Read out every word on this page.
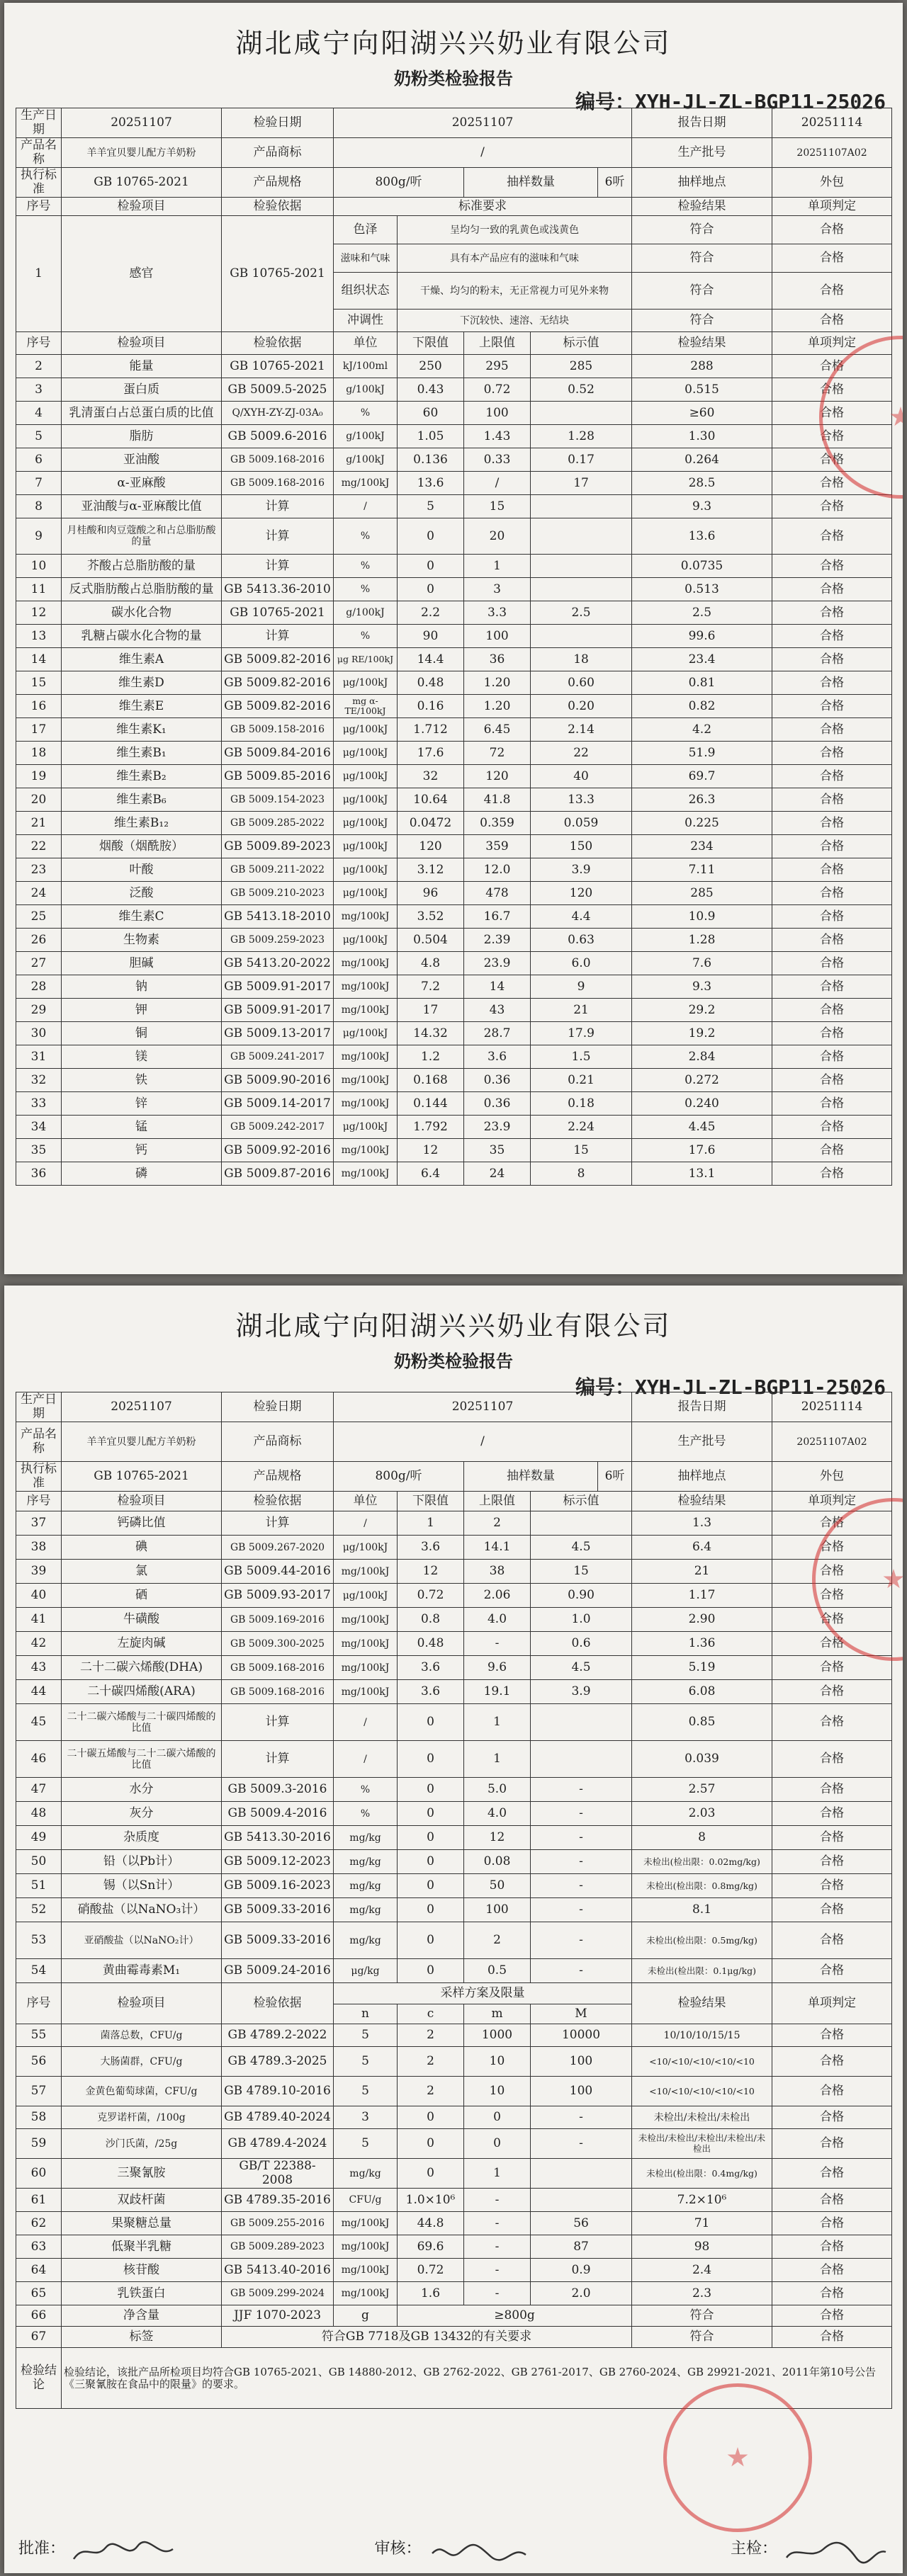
湖北咸宁向阳湖兴兴奶业有限公司
奶粉类检验报告
编号：XYH-JL-ZL-BGP11-25026
生产日期	20251107	检验日期	20251107					报告日期	20251114
产品名称	羊羊宜贝婴儿配方羊奶粉	产品商标	/					生产批号	20251107A02
执行标准	GB 10765-2021	产品规格	800g/听		抽样数量		6听	抽样地点	外包
序号	检验项目	检验依据	标准要求					检验结果	单项判定
1	感官	GB 10765-2021	色泽	呈均匀一致的乳黄色或浅黄色				符合	合格
			滋味和气味	具有本产品应有的滋味和气味				符合	合格
			组织状态	干燥、均匀的粉末，无正常视力可见外来物				符合	合格
			冲调性	下沉较快、速溶、无结块				符合	合格
序号	检验项目	检验依据	单位	下限值	上限值	标示值		检验结果	单项判定
2	能量	GB 10765-2021	kJ/100ml	250	295	285		288	合格
3	蛋白质	GB 5009.5-2025	g/100kJ	0.43	0.72	0.52		0.515	合格
4	乳清蛋白占总蛋白质的比值	Q/XYH-ZY-ZJ-03A₀	%	60	100			≥60	合格
5	脂肪	GB 5009.6-2016	g/100kJ	1.05	1.43	1.28		1.30	合格
6	亚油酸	GB 5009.168-2016	g/100kJ	0.136	0.33	0.17		0.264	合格
7	α-亚麻酸	GB 5009.168-2016	mg/100kJ	13.6	/	17		28.5	合格
8	亚油酸与α-亚麻酸比值	计算	/	5	15			9.3	合格
9	月桂酸和肉豆蔻酸之和占总脂肪酸的量	计算	%	0	20			13.6	合格
10	芥酸占总脂肪酸的量	计算	%	0	1			0.0735	合格
11	反式脂肪酸占总脂肪酸的量	GB 5413.36-2010	%	0	3			0.513	合格
12	碳水化合物	GB 10765-2021	g/100kJ	2.2	3.3	2.5		2.5	合格
13	乳糖占碳水化合物的量	计算	%	90	100			99.6	合格
14	维生素A	GB 5009.82-2016	μg RE/100kJ	14.4	36	18		23.4	合格
15	维生素D	GB 5009.82-2016	μg/100kJ	0.48	1.20	0.60		0.81	合格
16	维生素E	GB 5009.82-2016	mg α-TE/100kJ	0.16	1.20	0.20		0.82	合格
17	维生素K₁	GB 5009.158-2016	μg/100kJ	1.712	6.45	2.14		4.2	合格
18	维生素B₁	GB 5009.84-2016	μg/100kJ	17.6	72	22		51.9	合格
19	维生素B₂	GB 5009.85-2016	μg/100kJ	32	120	40		69.7	合格
20	维生素B₆	GB 5009.154-2023	μg/100kJ	10.64	41.8	13.3		26.3	合格
21	维生素B₁₂	GB 5009.285-2022	μg/100kJ	0.0472	0.359	0.059		0.225	合格
22	烟酸（烟酰胺）	GB 5009.89-2023	μg/100kJ	120	359	150		234	合格
23	叶酸	GB 5009.211-2022	μg/100kJ	3.12	12.0	3.9		7.11	合格
24	泛酸	GB 5009.210-2023	μg/100kJ	96	478	120		285	合格
25	维生素C	GB 5413.18-2010	mg/100kJ	3.52	16.7	4.4		10.9	合格
26	生物素	GB 5009.259-2023	μg/100kJ	0.504	2.39	0.63		1.28	合格
27	胆碱	GB 5413.20-2022	mg/100kJ	4.8	23.9	6.0		7.6	合格
28	钠	GB 5009.91-2017	mg/100kJ	7.2	14	9		9.3	合格
29	钾	GB 5009.91-2017	mg/100kJ	17	43	21		29.2	合格
30	铜	GB 5009.13-2017	μg/100kJ	14.32	28.7	17.9		19.2	合格
31	镁	GB 5009.241-2017	mg/100kJ	1.2	3.6	1.5		2.84	合格
32	铁	GB 5009.90-2016	mg/100kJ	0.168	0.36	0.21		0.272	合格
33	锌	GB 5009.14-2017	mg/100kJ	0.144	0.36	0.18		0.240	合格
34	锰	GB 5009.242-2017	μg/100kJ	1.792	23.9	2.24		4.45	合格
35	钙	GB 5009.92-2016	mg/100kJ	12	35	15		17.6	合格
36	磷	GB 5009.87-2016	mg/100kJ	6.4	24	8		13.1	合格
湖北咸宁向阳湖兴兴奶业有限公司
奶粉类检验报告
编号：XYH-JL-ZL-BGP11-25026
生产日期	20251107	检验日期	20251107					报告日期	20251114
产品名称	羊羊宜贝婴儿配方羊奶粉	产品商标	/					生产批号	20251107A02
执行标准	GB 10765-2021	产品规格	800g/听		抽样数量		6听	抽样地点	外包
序号	检验项目	检验依据	单位	下限值	上限值	标示值		检验结果	单项判定
37	钙磷比值	计算	/	1	2			1.3	合格
38	碘	GB 5009.267-2020	μg/100kJ	3.6	14.1	4.5		6.4	合格
39	氯	GB 5009.44-2016	mg/100kJ	12	38	15		21	合格
40	硒	GB 5009.93-2017	μg/100kJ	0.72	2.06	0.90		1.17	合格
41	牛磺酸	GB 5009.169-2016	mg/100kJ	0.8	4.0	1.0		2.90	合格
42	左旋肉碱	GB 5009.300-2025	mg/100kJ	0.48	-	0.6		1.36	合格
43	二十二碳六烯酸(DHA)	GB 5009.168-2016	mg/100kJ	3.6	9.6	4.5		5.19	合格
44	二十碳四烯酸(ARA)	GB 5009.168-2016	mg/100kJ	3.6	19.1	3.9		6.08	合格
45	二十二碳六烯酸与二十碳四烯酸的比值	计算	/	0	1			0.85	合格
46	二十碳五烯酸与二十二碳六烯酸的比值	计算	/	0	1			0.039	合格
47	水分	GB 5009.3-2016	%	0	5.0	-		2.57	合格
48	灰分	GB 5009.4-2016	%	0	4.0	-		2.03	合格
49	杂质度	GB 5413.30-2016	mg/kg	0	12	-		8	合格
50	铅（以Pb计）	GB 5009.12-2023	mg/kg	0	0.08	-		未检出(检出限：0.02mg/kg)	合格
51	锡（以Sn计）	GB 5009.16-2023	mg/kg	0	50	-		未检出(检出限：0.8mg/kg)	合格
52	硝酸盐（以NaNO₃计）	GB 5009.33-2016	mg/kg	0	100	-		8.1	合格
53	亚硝酸盐（以NaNO₂计）	GB 5009.33-2016	mg/kg	0	2	-		未检出(检出限：0.5mg/kg)	合格
54	黄曲霉毒素M₁	GB 5009.24-2016	μg/kg	0	0.5	-		未检出(检出限：0.1μg/kg)	合格
序号	检验项目	检验依据	采样方案及限量					检验结果	单项判定
			n	c	m	M			
55	菌落总数，CFU/g	GB 4789.2-2022	5	2	1000	10000		10/10/10/15/15	合格
56	大肠菌群，CFU/g	GB 4789.3-2025	5	2	10	100		<10/<10/<10/<10/<10	合格
57	金黄色葡萄球菌，CFU/g	GB 4789.10-2016	5	2	10	100		<10/<10/<10/<10/<10	合格
58	克罗诺杆菌，/100g	GB 4789.40-2024	3	0	0	-		未检出/未检出/未检出	合格
59	沙门氏菌，/25g	GB 4789.4-2024	5	0	0	-		未检出/未检出/未检出/未检出/未检出	合格
60	三聚氰胺	GB/T 22388-2008	mg/kg	0	1			未检出(检出限：0.4mg/kg)	合格
61	双歧杆菌	GB 4789.35-2016	CFU/g	1.0×10⁶	-			7.2×10⁶	合格
62	果聚糖总量	GB 5009.255-2016	mg/100kJ	44.8	-	56		71	合格
63	低聚半乳糖	GB 5009.289-2023	mg/100kJ	69.6	-	87		98	合格
64	核苷酸	GB 5413.40-2016	mg/100kJ	0.72	-	0.9		2.4	合格
65	乳铁蛋白	GB 5009.299-2024	mg/100kJ	1.6	-	2.0		2.3	合格
66	净含量	JJF 1070-2023	g	≥800g				符合	合格
67	标签	符合GB 7718及GB 13432的有关要求						符合	合格
检验结论	检验结论，该批产品所检项目均符合GB 10765-2021、GB 14880-2012、GB 2762-2022、GB 2761-2017、GB 2760-2024、GB 29921-2021、2011年第10号公告《三聚氰胺在食品中的限量》的要求。								
批准：	审核：	主检：
